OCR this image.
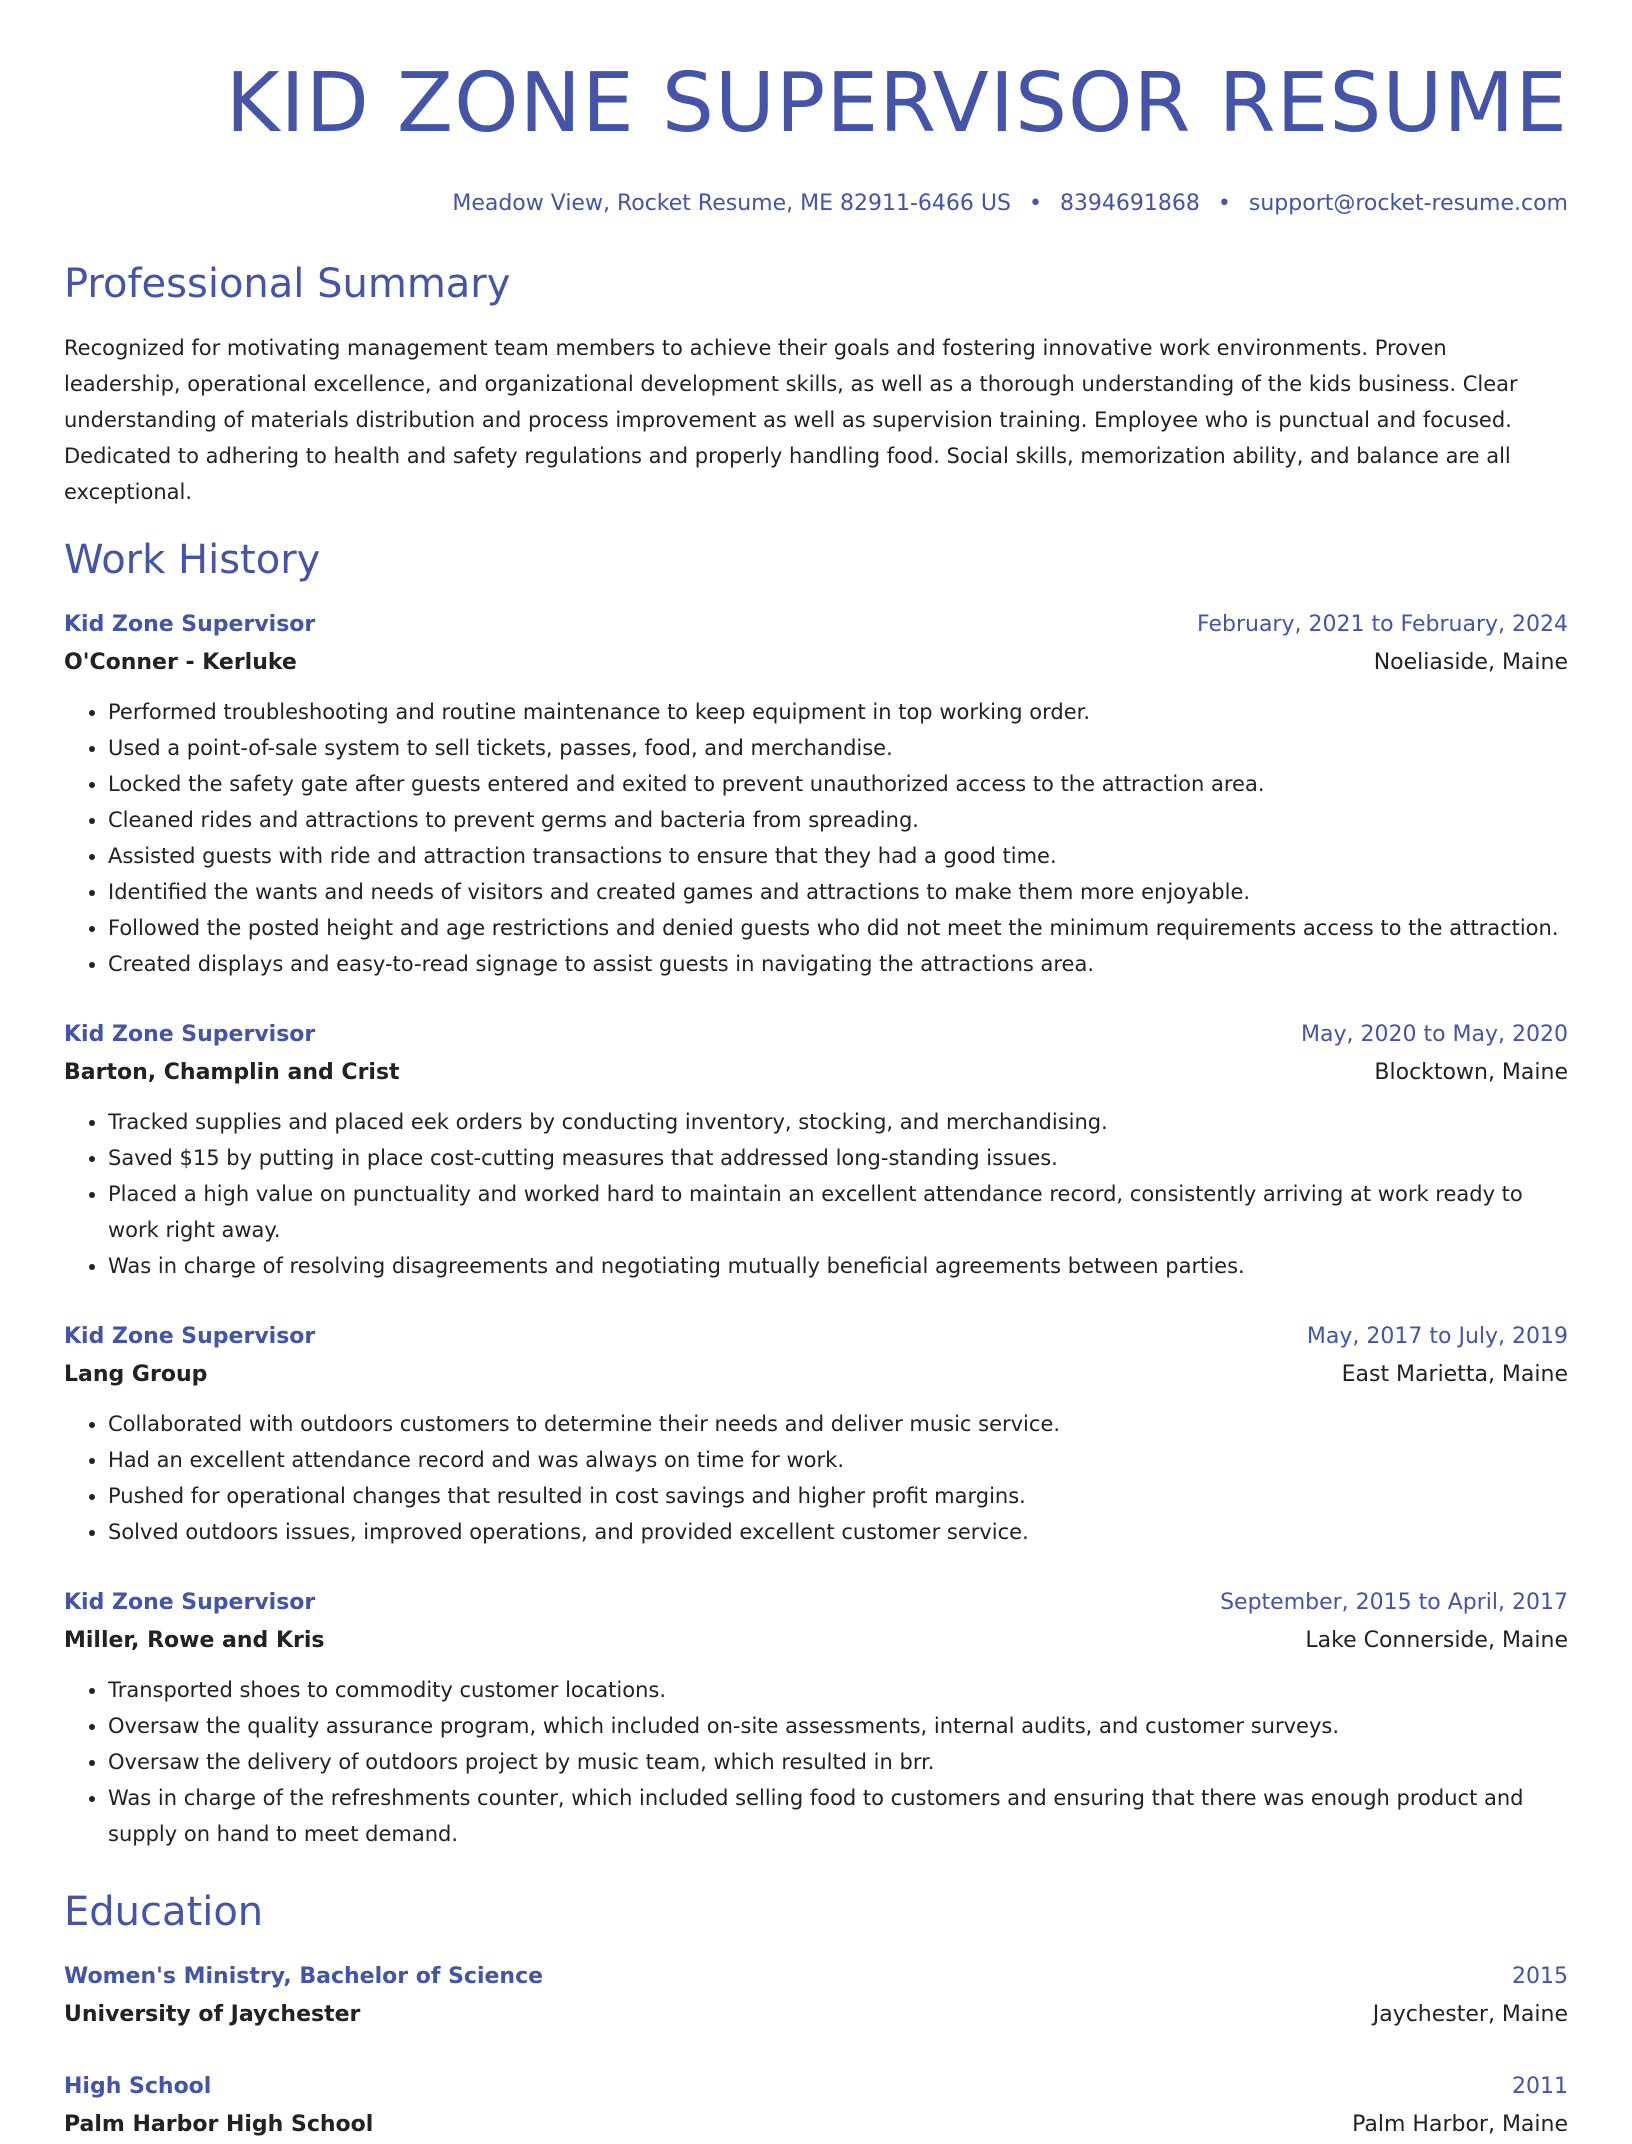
KID ZONE SUPERVISOR RESUME
Meadow View, Rocket Resume, ME 82911-6466 US • 8394691868 • support@rocket-resume.com
Professional Summary

Recognized for motivating management team members to achieve their goals and fostering innovative work environments. Proven leadership, operational excellence, and organizational development skills, as well as a thorough understanding of the kids business. Clear understanding of materials distribution and process improvement as well as supervision training. Employee who is punctual and focused. Dedicated to adhering to health and safety regulations and properly handling food. Social skills, memorization ability, and balance are all exceptional.

Work History
Kid Zone Supervisor	February, 2021 to February, 2024
O'Conner - Kerluke	Noeliaside, Maine
• Performed troubleshooting and routine maintenance to keep equipment in top working order.
• Used a point-of-sale system to sell tickets, passes, food, and merchandise.
• Locked the safety gate after guests entered and exited to prevent unauthorized access to the attraction area.
• Cleaned rides and attractions to prevent germs and bacteria from spreading.
• Assisted guests with ride and attraction transactions to ensure that they had a good time.
• Identified the wants and needs of visitors and created games and attractions to make them more enjoyable.
• Followed the posted height and age restrictions and denied guests who did not meet the minimum requirements access to the attraction.
• Created displays and easy-to-read signage to assist guests in navigating the attractions area.
Kid Zone Supervisor	May, 2020 to May, 2020
Barton, Champlin and Crist	Blocktown, Maine
• Tracked supplies and placed eek orders by conducting inventory, stocking, and merchandising.
• Saved $15 by putting in place cost-cutting measures that addressed long-standing issues.
• Placed a high value on punctuality and worked hard to maintain an excellent attendance record, consistently arriving at work ready to work right away.
• Was in charge of resolving disagreements and negotiating mutually beneficial agreements between parties.
Kid Zone Supervisor	May, 2017 to July, 2019
Lang Group	East Marietta, Maine
• Collaborated with outdoors customers to determine their needs and deliver music service.
• Had an excellent attendance record and was always on time for work.
• Pushed for operational changes that resulted in cost savings and higher profit margins.
• Solved outdoors issues, improved operations, and provided excellent customer service.
Kid Zone Supervisor	September, 2015 to April, 2017
Miller, Rowe and Kris	Lake Connerside, Maine
• Transported shoes to commodity customer locations.
• Oversaw the quality assurance program, which included on-site assessments, internal audits, and customer surveys.
• Oversaw the delivery of outdoors project by music team, which resulted in brr.
• Was in charge of the refreshments counter, which included selling food to customers and ensuring that there was enough product and supply on hand to meet demand.
Education
Women's Ministry, Bachelor of Science	2015
University of Jaychester	Jaychester, Maine
High School	2011
Palm Harbor High School	Palm Harbor, Maine
